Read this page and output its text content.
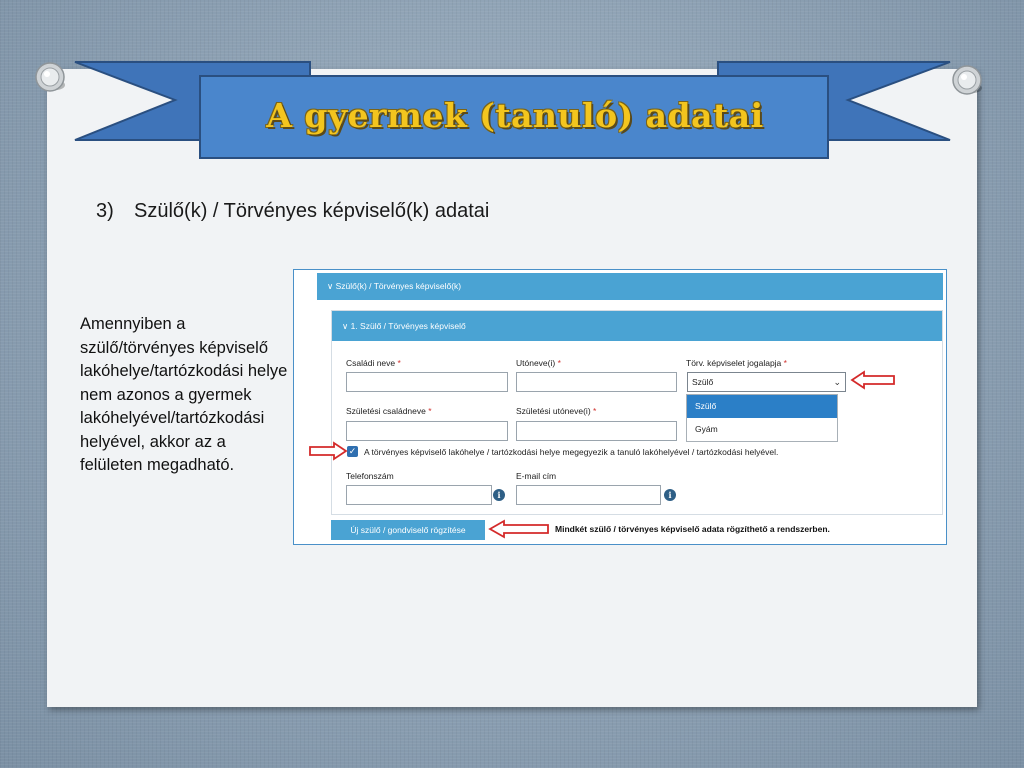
A gyermek (tanuló) adatai
3) Szülő(k) / Törvényes képviselő(k) adatai
Amennyiben a szülő/törvényes képviselő lakóhelye/tartózkodási helye nem azonos a gyermek lakóhelyével/tartózkodási helyével, akkor az a felületen megadható.
∨ Szülő(k) / Törvényes képviselő(k)
∨ 1. Szülő / Törvényes képviselő
Családi neve *	Utóneve(i) *	Törv. képviselet jogalapja *
Szülő	⌄
Születési családneve *	Születési utóneve(i) *	Szülő
Gyám
✓ A törvényes képviselő lakóhelye / tartózkodási helye megegyezik a tanuló lakóhelyével / tartózkodási helyével.
Telefonszám	E-mail cím
i	i
Új szülő / gondviselő rögzítése	Mindkét szülő / törvényes képviselő adata rögzíthető a rendszerben.
